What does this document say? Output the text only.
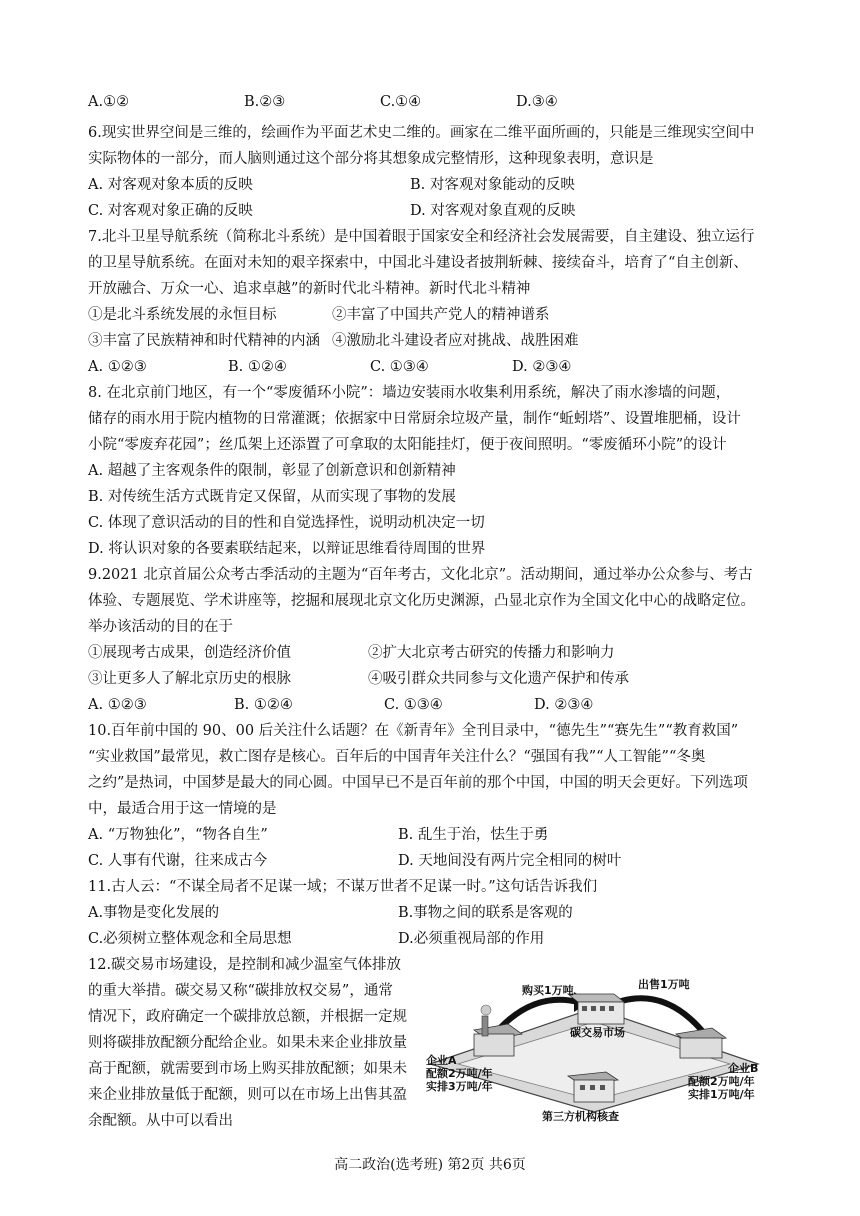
A.①②	B.②③	C.①④	D.③④
6.现实世界空间是三维的，绘画作为平面艺术史二维的。画家在二维平面所画的，只能是三维现实空间中
实际物体的一部分，而人脑则通过这个部分将其想象成完整情形，这种现象表明，意识是
A. 对客观对象本质的反映	B. 对客观对象能动的反映
C. 对客观对象正确的反映	D. 对客观对象直观的反映
7.北斗卫星导航系统（简称北斗系统）是中国着眼于国家安全和经济社会发展需要，自主建设、独立运行
的卫星导航系统。在面对未知的艰辛探索中，中国北斗建设者披荆斩棘、接续奋斗，培育了“自主创新、
开放融合、万众一心、追求卓越”的新时代北斗精神。新时代北斗精神
①是北斗系统发展的永恒目标	②丰富了中国共产党人的精神谱系
③丰富了民族精神和时代精神的内涵 ④激励北斗建设者应对挑战、战胜困难
A. ①②③	B. ①②④	C. ①③④	D. ②③④
8. 在北京前门地区，有一个“零废循环小院”：墙边安装雨水收集利用系统，解决了雨水渗墙的问题，
储存的雨水用于院内植物的日常灌溉；依据家中日常厨余垃圾产量，制作“蚯蚓塔”、设置堆肥桶，设计
小院“零废弃花园”；丝瓜架上还添置了可拿取的太阳能挂灯，便于夜间照明。“零废循环小院”的设计
A. 超越了主客观条件的限制，彰显了创新意识和创新精神
B. 对传统生活方式既肯定又保留，从而实现了事物的发展
C. 体现了意识活动的目的性和自觉选择性，说明动机决定一切
D. 将认识对象的各要素联结起来，以辩证思维看待周围的世界
9.2021 北京首届公众考古季活动的主题为“百年考古，文化北京”。活动期间，通过举办公众参与、考古
体验、专题展览、学术讲座等，挖掘和展现北京文化历史渊源，凸显北京作为全国文化中心的战略定位。
举办该活动的目的在于
①展现考古成果，创造经济价值	②扩大北京考古研究的传播力和影响力
③让更多人了解北京历史的根脉	④吸引群众共同参与文化遗产保护和传承
A. ①②③	B. ①②④	C. ①③④	D. ②③④
10.百年前中国的 90、00 后关注什么话题？在《新青年》全刊目录中，“德先生”“赛先生”“教育救国”
“实业救国”最常见，救亡图存是核心。百年后的中国青年关注什么？“强国有我”“人工智能”“冬奥
之约”是热词，中国梦是最大的同心圆。中国早已不是百年前的那个中国，中国的明天会更好。下列选项
中，最适合用于这一情境的是
A. “万物独化”，“物各自生”	B. 乱生于治，怯生于勇
C. 人事有代谢，往来成古今	D. 天地间没有两片完全相同的树叶
11.古人云：“不谋全局者不足谋一域；不谋万世者不足谋一时。”这句话告诉我们
A.事物是变化发展的	B.事物之间的联系是客观的
C.必须树立整体观念和全局思想	D.必须重视局部的作用
12.碳交易市场建设，是控制和减少温室气体排放
的重大举措。碳交易又称“碳排放权交易”，通常
情况下，政府确定一个碳排放总额，并根据一定规
则将碳排放配额分配给企业。如果未来企业排放量
高于配额，就需要到市场上购买排放配额；如果未
来企业排放量低于配额，则可以在市场上出售其盈
余配额。从中可以看出
购买1万吨	出售1万吨
碳交易市场
企业A
配额2万吨/年
实排3万吨/年
企业B
配额2万吨/年
实排1万吨/年
第三方机构核查
高二政治(选考班) 第2页 共6页
